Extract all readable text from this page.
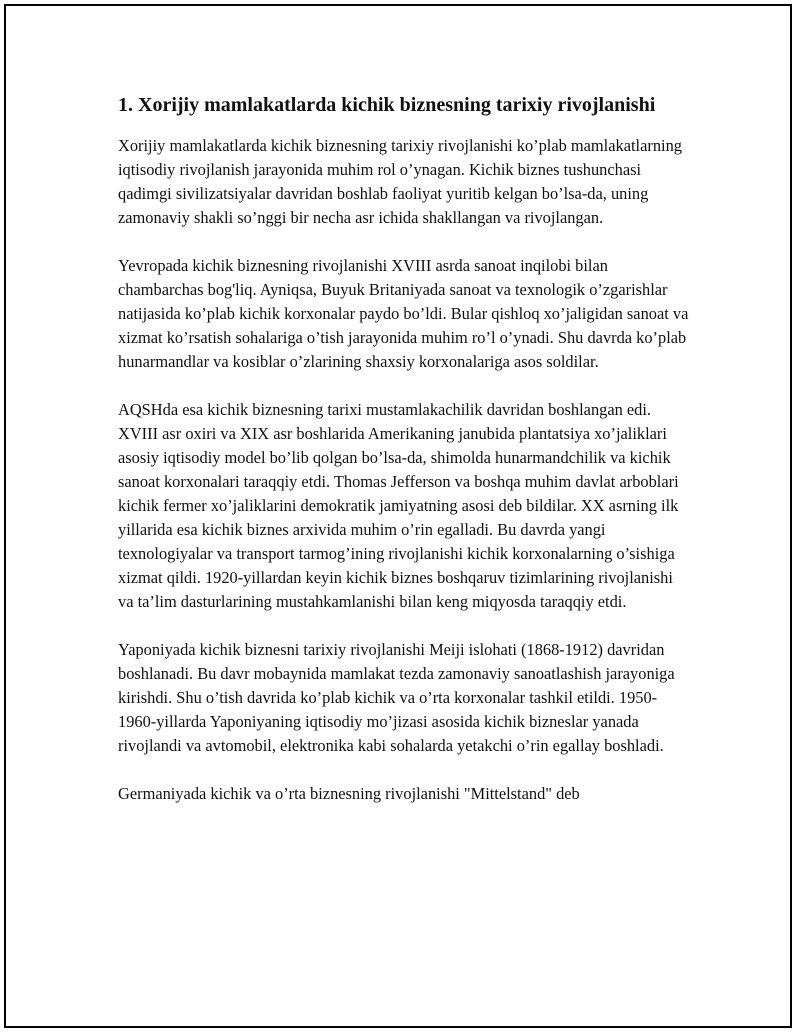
1. Xorijiy mamlakatlarda kichik biznesning tarixiy rivojlanishi

Xorijiy mamlakatlarda kichik biznesning tarixiy rivojlanishi ko’plab mamlakatlarning iqtisodiy rivojlanish jarayonida muhim rol o’ynagan. Kichik biznes tushunchasi qadimgi sivilizatsiyalar davridan boshlab faoliyat yuritib kelgan bo’lsa-da, uning zamonaviy shakli so’nggi bir necha asr ichida shakllangan va rivojlangan.

Yevropada kichik biznesning rivojlanishi XVIII asrda sanoat inqilobi bilan chambarchas bog'liq. Ayniqsa, Buyuk Britaniyada sanoat va texnologik o’zgarishlar natijasida ko’plab kichik korxonalar paydo bo’ldi. Bular qishloq xo’jaligidan sanoat va xizmat ko’rsatish sohalariga o’tish jarayonida muhim ro’l o’ynadi. Shu davrda ko’plab hunarmandlar va kosiblar o’zlarining shaxsiy korxonalariga asos soldilar.

AQSHda esa kichik biznesning tarixi mustamlakachilik davridan boshlangan edi. XVIII asr oxiri va XIX asr boshlarida Amerikaning janubida plantatsiya xo’jaliklari asosiy iqtisodiy model bo’lib qolgan bo’lsa-da, shimolda hunarmandchilik va kichik sanoat korxonalari taraqqiy etdi. Thomas Jefferson va boshqa muhim davlat arboblari kichik fermer xo’jaliklarini demokratik jamiyatning asosi deb bildilar. XX asrning ilk yillarida esa kichik biznes arxivida muhim o’rin egalladi. Bu davrda yangi texnologiyalar va transport tarmog’ining rivojlanishi kichik korxonalarning o’sishiga xizmat qildi. 1920-yillardan keyin kichik biznes boshqaruv tizimlarining rivojlanishi va ta’lim dasturlarining mustahkamlanishi bilan keng miqyosda taraqqiy etdi.

Yaponiyada kichik biznesni tarixiy rivojlanishi Meiji islohati (1868-1912) davridan boshlanadi. Bu davr mobaynida mamlakat tezda zamonaviy sanoatlashish jarayoniga kirishdi. Shu o’tish davrida ko’plab kichik va o’rta korxonalar tashkil etildi. 1950-1960-yillarda Yaponiyaning iqtisodiy mo’jizasi asosida kichik bizneslar yanada rivojlandi va avtomobil, elektronika kabi sohalarda yetakchi o’rin egallay boshladi.

Germaniyada kichik va o’rta biznesning rivojlanishi "Mittelstand" deb
